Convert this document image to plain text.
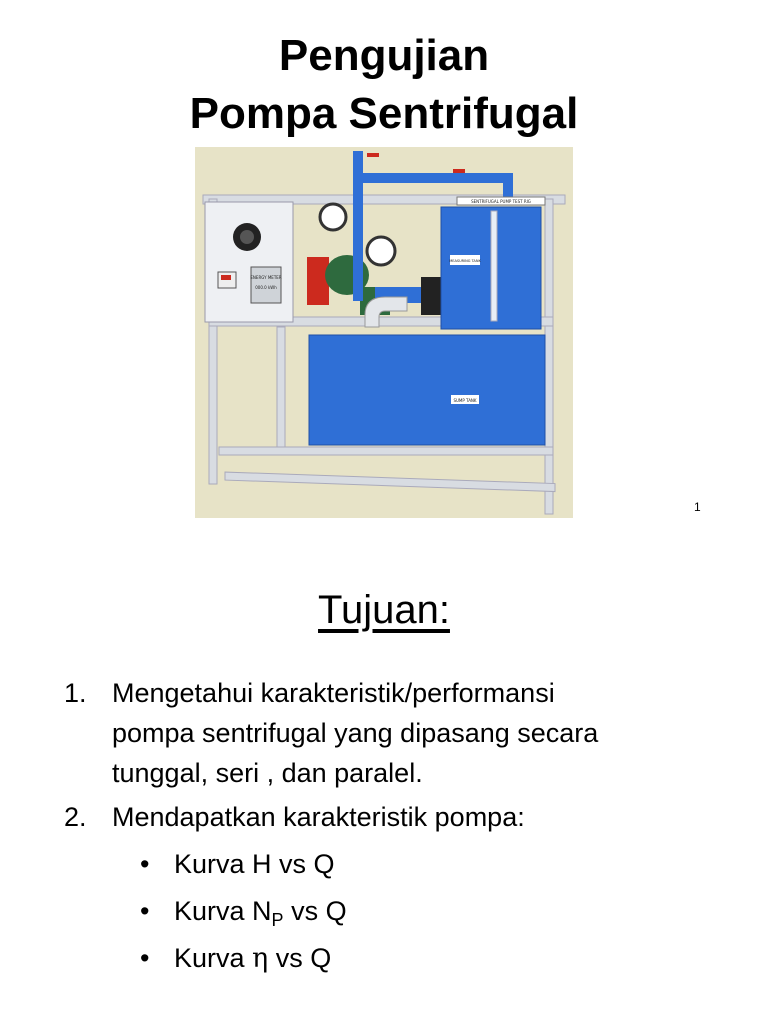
Pengujian
Pompa Sentrifugal
ENERGY METER
000.0 kWh
SENTRIFUGAL PUMP TEST RIG
MEASURING TANK
SUMP TANK
1
Tujuan:
1. Mengetahui karakteristik/performansi
pompa sentrifugal yang dipasang secara
tunggal, seri , dan paralel.
2. Mendapatkan karakteristik pompa:
• Kurva H vs Q
• Kurva $N_P$ vs Q
• Kurva η vs Q
